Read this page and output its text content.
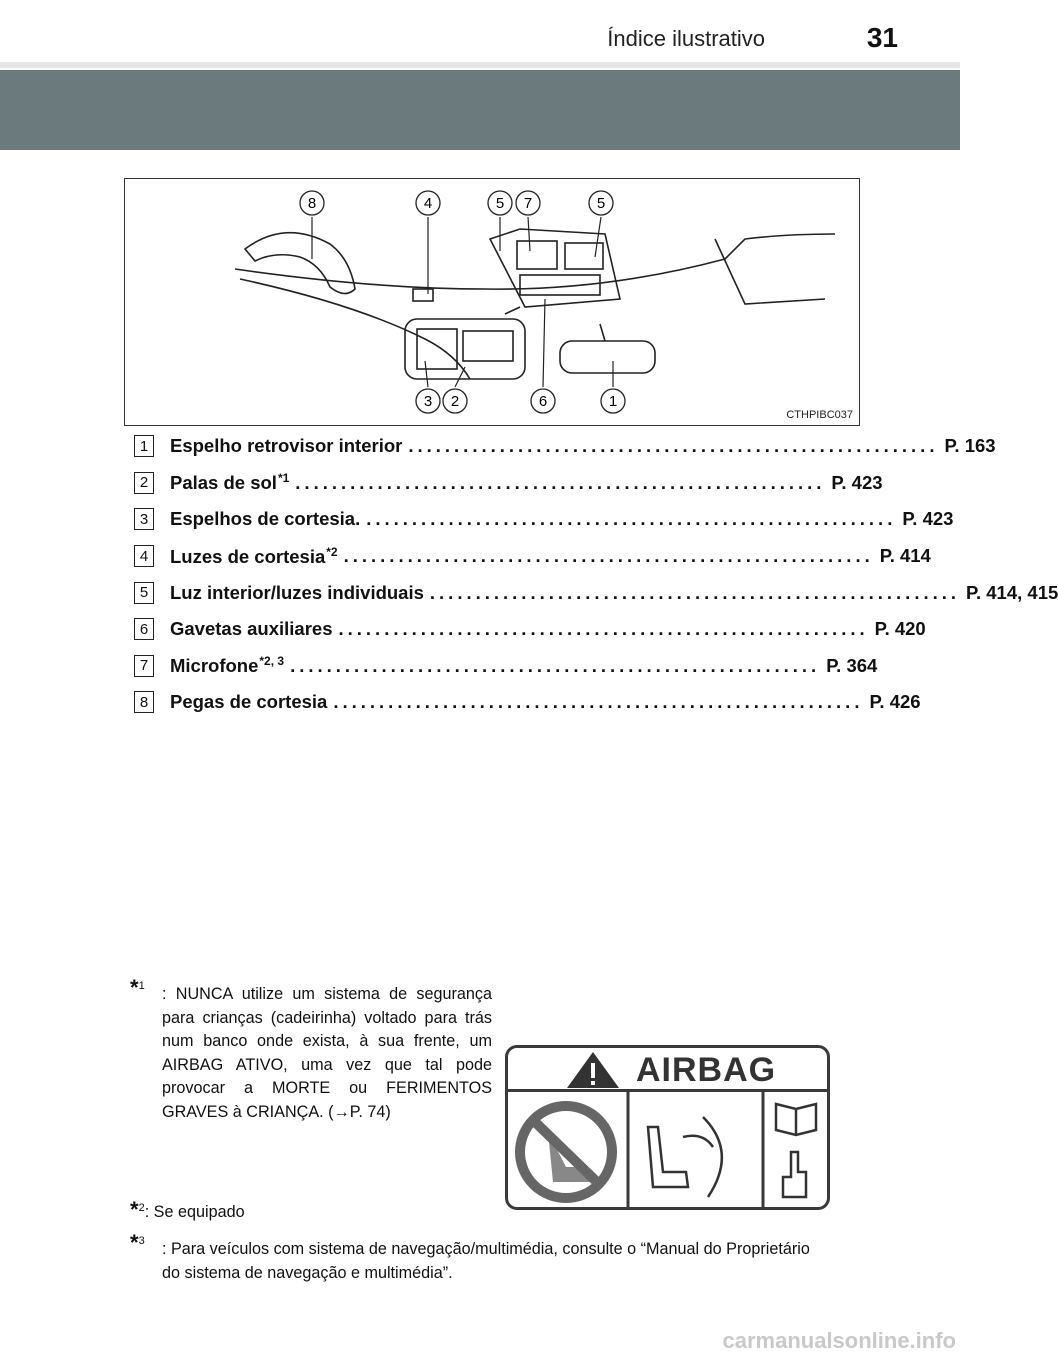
Índice ilustrativo	31
8	4	5 7	5
3 2	6	1
CTHPIBC037
1	Espelho retrovisor interior .......................................................... P. 163
2	Palas de sol$^{*1}$ .......................................................... P. 423
3	Espelhos de cortesia. .......................................................... P. 423
4	Luzes de cortesia$^{*2}$ .......................................................... P. 414
5	Luz interior/luzes individuais .......................................................... P. 414, 415
6	Gavetas auxiliares .......................................................... P. 420
7	Microfone$^{*2, 3}$ .......................................................... P. 364
8	Pegas de cortesia .......................................................... P. 426
*$^1$ : NUNCA utilize um sistema de segurança para crianças (cadeirinha) voltado para trás num banco onde exista, à sua frente, um AIRBAG ATIVO, uma vez que tal pode provocar a MORTE ou FERIMENTOS GRAVES à CRIANÇA. (→P. 74)
*$^2$: Se equipado
*$^3$ : Para veículos com sistema de navegação/multimédia, consulte o “Manual do Proprietário do sistema de navegação e multimédia”.
AIRBAG
carmanualsonline.info
